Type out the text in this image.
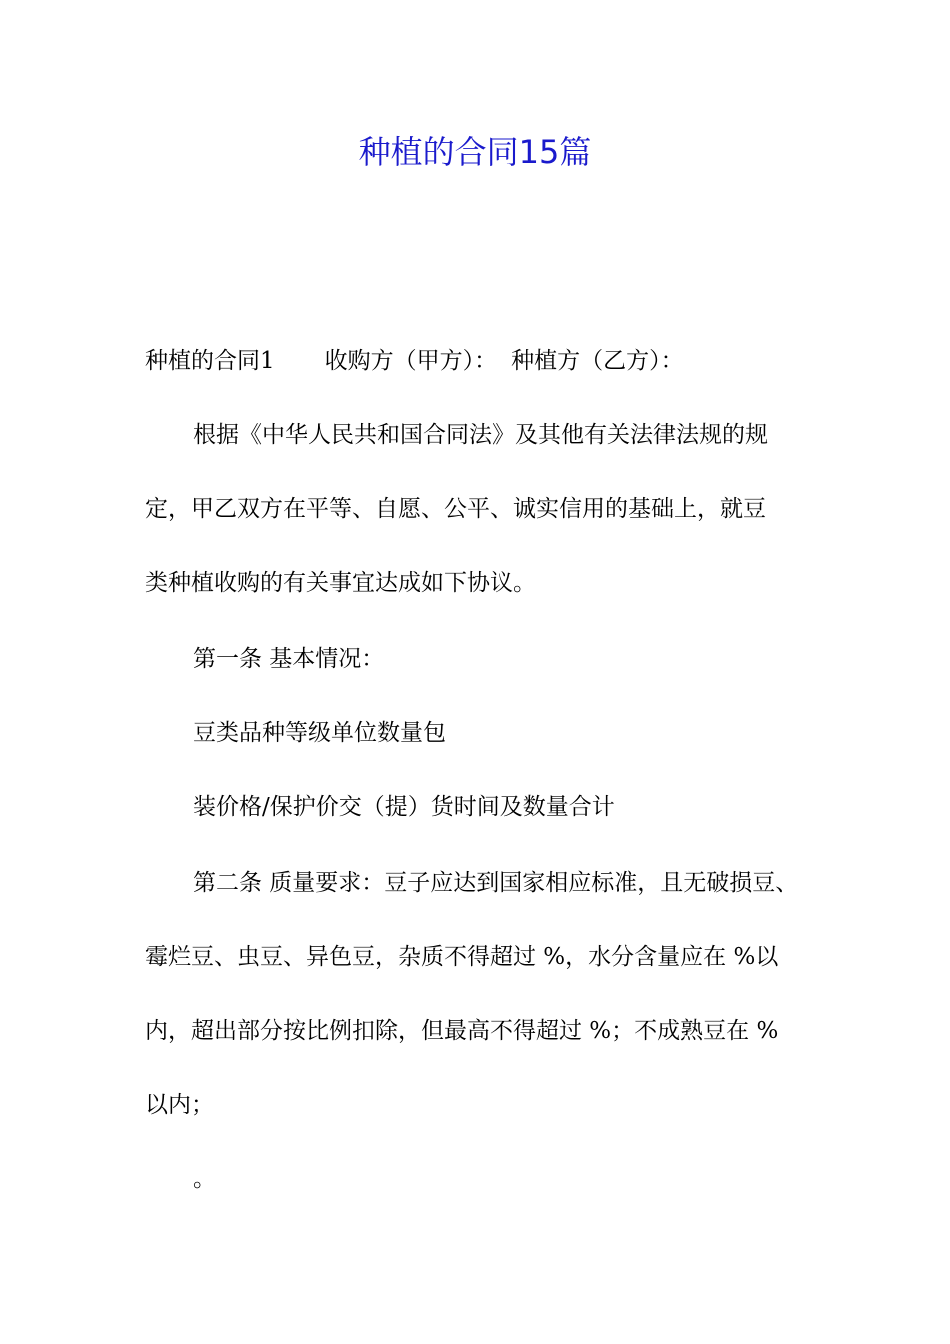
种植的合同15篇

种植的合同1 收购方（甲方）： 种植方（乙方）：

根据《中华人民共和国合同法》及其他有关法律法规的规

定，甲乙双方在平等、自愿、公平、诚实信用的基础上，就豆

类种植收购的有关事宜达成如下协议。

第一条 基本情况：

豆类品种等级单位数量包

装价格/保护价交（提）货时间及数量合计

第二条 质量要求：豆子应达到国家相应标准，且无破损豆、

霉烂豆、虫豆、异色豆，杂质不得超过 %，水分含量应在 %以

内，超出部分按比例扣除，但最高不得超过 %；不成熟豆在 %

以内；

。
